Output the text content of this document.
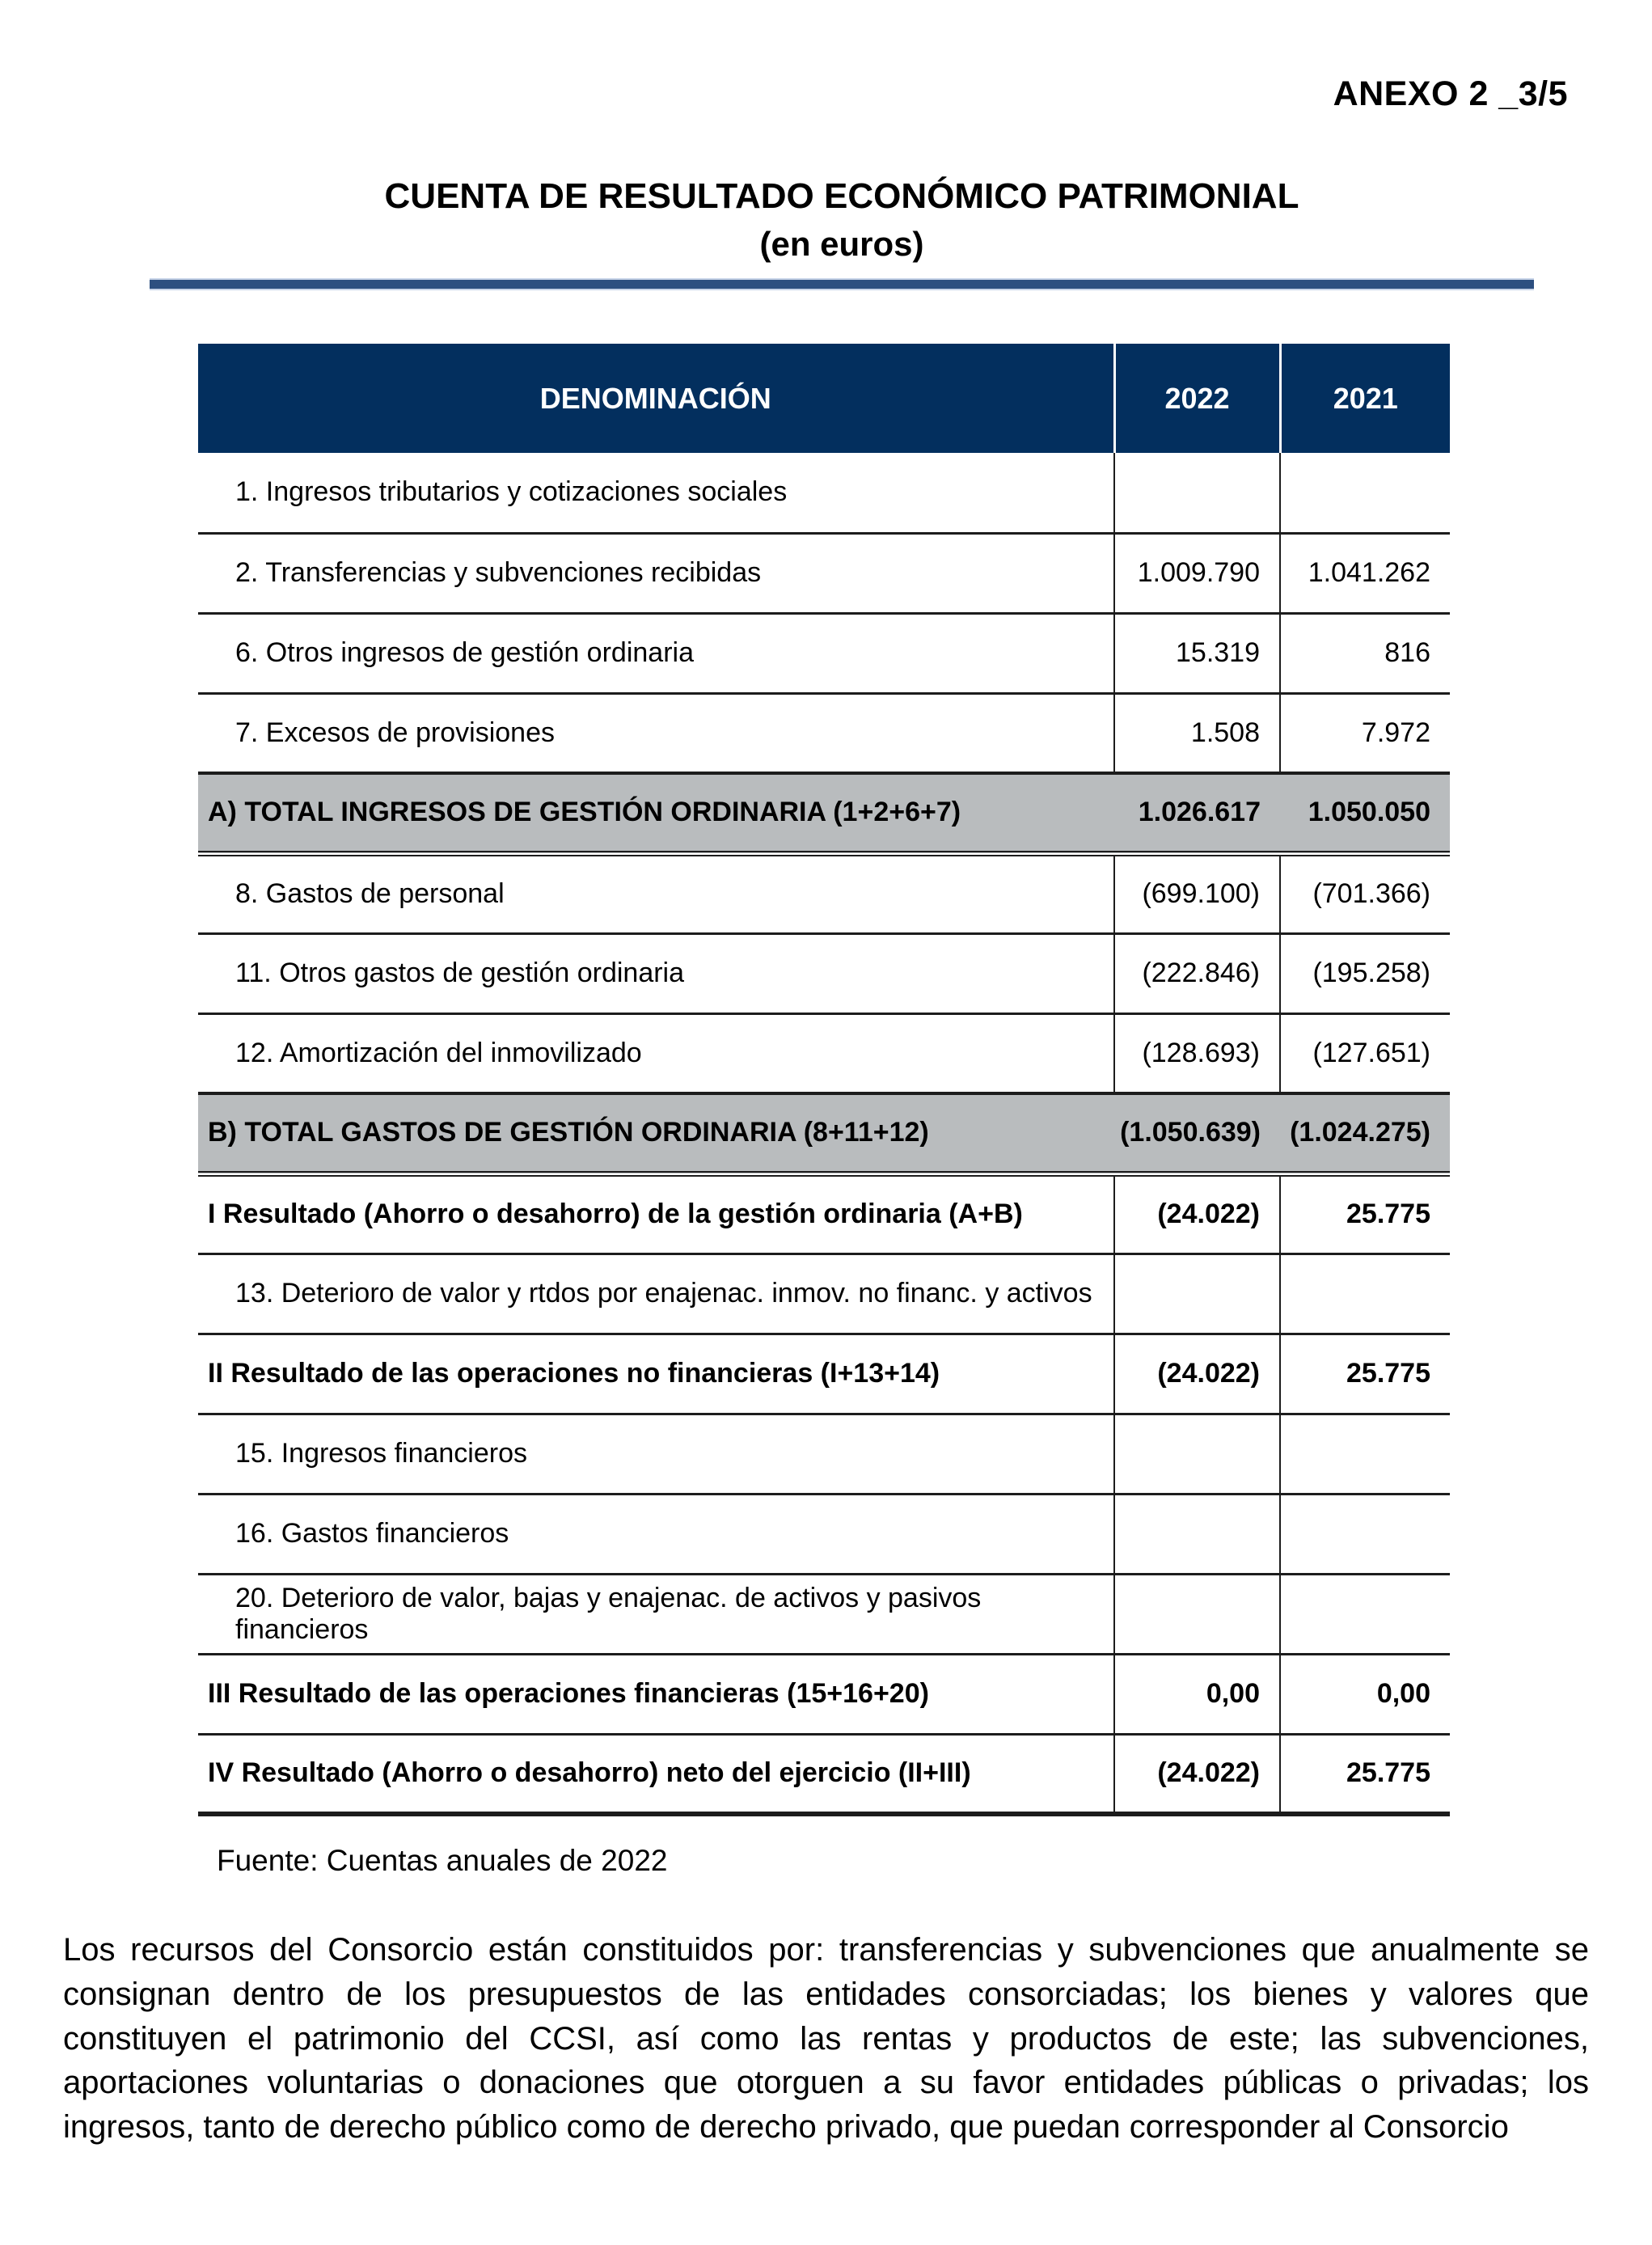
ANEXO 2 _3/5
CUENTA DE RESULTADO ECONÓMICO PATRIMONIAL
(en euros)
DENOMINACIÓN	2022	2021
1. Ingresos tributarios y cotizaciones sociales		
2. Transferencias y subvenciones recibidas	1.009.790	1.041.262
6. Otros ingresos de gestión ordinaria	15.319	816
7. Excesos de provisiones	1.508	7.972
A) TOTAL INGRESOS DE GESTIÓN ORDINARIA (1+2+6+7)	1.026.617	1.050.050
8. Gastos de personal	(699.100)	(701.366)
11. Otros gastos de gestión ordinaria	(222.846)	(195.258)
12. Amortización del inmovilizado	(128.693)	(127.651)
B) TOTAL GASTOS DE GESTIÓN ORDINARIA (8+11+12)	(1.050.639)	(1.024.275)
I Resultado (Ahorro o desahorro) de la gestión ordinaria (A+B)	(24.022)	25.775
13. Deterioro de valor y rtdos por enajenac. inmov. no financ. y activos		
II Resultado de las operaciones no financieras (I+13+14)	(24.022)	25.775
15. Ingresos financieros		
16. Gastos financieros		
20. Deterioro de valor, bajas y enajenac. de activos y pasivos financieros		
III Resultado de las operaciones financieras (15+16+20)	0,00	0,00
IV Resultado (Ahorro o desahorro) neto del ejercicio (II+III)	(24.022)	25.775
Fuente: Cuentas anuales de 2022

Los recursos del Consorcio están constituidos por: transferencias y subvenciones que anualmente se consignan dentro de los presupuestos de las entidades consorciadas; los bienes y valores que constituyen el patrimonio del CCSI, así como las rentas y productos de este; las subvenciones, aportaciones voluntarias o donaciones que otorguen a su favor entidades públicas o privadas; los ingresos, tanto de derecho público como de derecho privado, que puedan corresponder al Consorcio
